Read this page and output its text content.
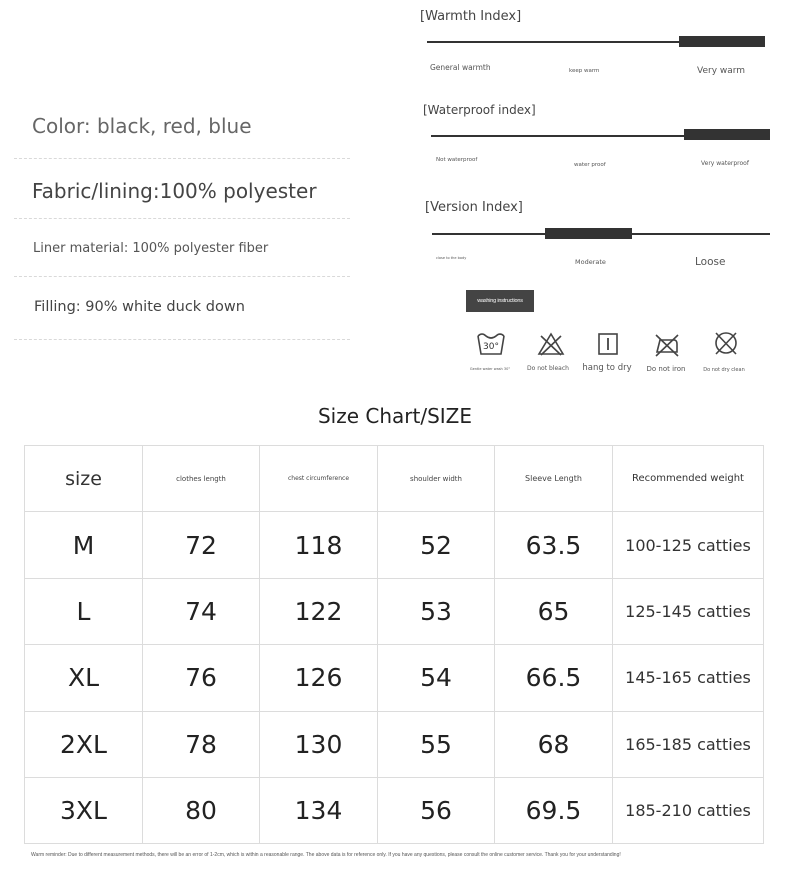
Color: black, red, blue
Fabric/lining:100% polyester
Liner material: 100% polyester fiber
Filling: 90% white duck down
[Warmth Index]
General warmth	keep warm	Very warm
[Waterproof index]
Not waterproof
water proof	Very waterproof
[Version Index]
close to the body	Moderate	Loose
washing instructions
30°
Gentle water wash 30°	Do not bleach	hang to dry	Do not iron	Do not dry clean
Size Chart/SIZE
size	clothes length	chest circumference	shoulder width	Sleeve Length	Recommended weight
M	72	118	52	63.5	100-125 catties
L	74	122	53	65	125-145 catties
XL	76	126	54	66.5	145-165 catties
2XL	78	130	55	68	165-185 catties
3XL	80	134	56	69.5	185-210 catties
Warm reminder: Due to different measurement methods, there will be an error of 1-2cm, which is within a reasonable range. The above data is for reference only. If you have any questions, please consult the online customer service. Thank you for your understanding!
